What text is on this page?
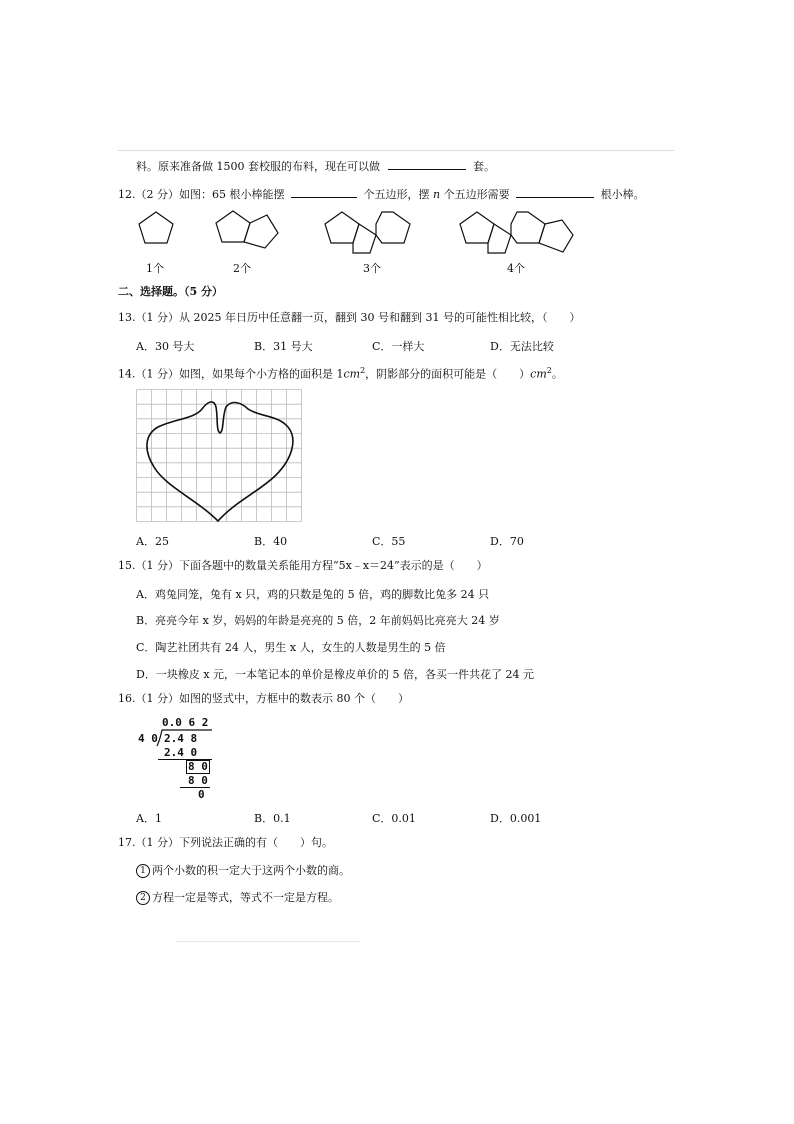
料。原来准备做 1500 套校服的布料，现在可以做	套。
12.（2 分）如图：65 根小棒能摆	个五边形，摆 n 个五边形需要	根小棒。
1个	2个	3个	4个
二、选择题。（5 分）
13.（1 分）从 2025 年日历中任意翻一页，翻到 30 号和翻到 31 号的可能性相比较，（　　）
A．30 号大	B．31 号大	C．一样大	D．无法比较
14.（1 分）如图，如果每个小方格的面积是 $1cm^2$，阴影部分的面积可能是（　　）$cm^2$。
A．25	B．40	C．55	D．70
15.（1 分）下面各题中的数量关系能用方程“5x﹣x＝24”表示的是（　　）
A．鸡兔同笼，兔有 x 只，鸡的只数是兔的 5 倍，鸡的脚数比兔多 24 只
B．亮亮今年 x 岁，妈妈的年龄是亮亮的 5 倍，2 年前妈妈比亮亮大 24 岁
C．陶艺社团共有 24 人，男生 x 人，女生的人数是男生的 5 倍
D．一块橡皮 x 元，一本笔记本的单价是橡皮单价的 5 倍，各买一件共花了 24 元
16.（1 分）如图的竖式中，方框中的数表示 80 个（　　）
0.0 6 2
4 0 2.4 8
2.4 0
8 0
8 0
0
A．1	B．0.1	C．0.01	D．0.001
17.（1 分）下列说法正确的有（　　）句。
1 两个小数的积一定大于这两个小数的商。
2 方程一定是等式，等式不一定是方程。
